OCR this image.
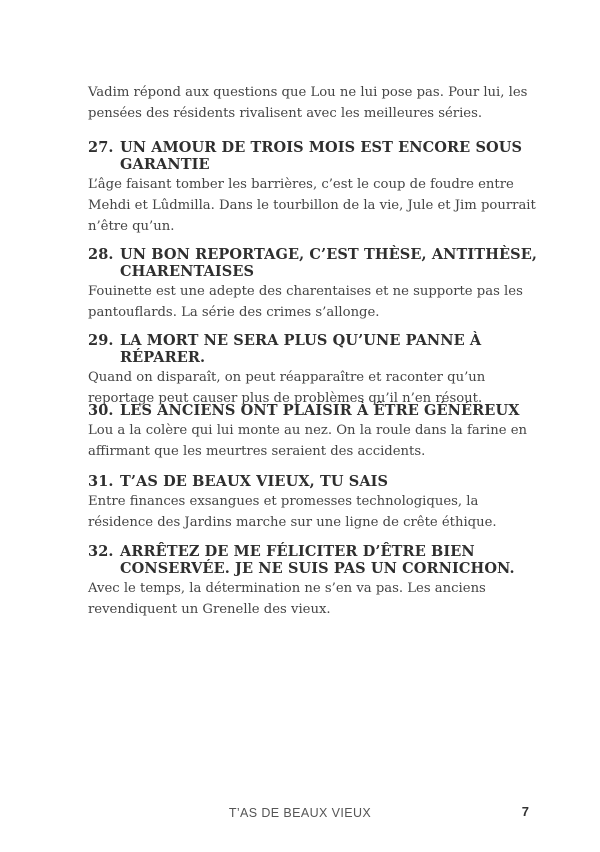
Vadim répond aux questions que Lou ne lui pose pas. Pour lui, les pensées des résidents rivalisent avec les meilleures séries.

27. UN AMOUR DE TROIS MOIS EST ENCORE SOUS GARANTIE
L’âge faisant tomber les barrières, c’est le coup de foudre entre Mehdi et Lûdmilla. Dans le tourbillon de la vie, Jule et Jim pourrait n’être qu’un.
28. UN BON REPORTAGE, C’EST THÈSE, ANTITHÈSE, CHARENTAISES
Fouinette est une adepte des charentaises et ne supporte pas les pantouflards. La série des crimes s’allonge.
29. LA MORT NE SERA PLUS QU’UNE PANNE À RÉPARER.
Quand on disparaît, on peut réapparaître et raconter qu’un reportage peut causer plus de problèmes qu’il n’en résout.
30. LES ANCIENS ONT PLAISIR À ÊTRE GÉNÉREUX
Lou a la colère qui lui monte au nez. On la roule dans la farine en affirmant que les meurtres seraient des accidents.
31. T’AS DE BEAUX VIEUX, TU SAIS
Entre finances exsangues et promesses technologiques, la résidence des Jardins marche sur une ligne de crête éthique.
32. ARRÊTEZ DE ME FÉLICITER D’ÊTRE BIEN CONSERVÉE. JE NE SUIS PAS UN CORNICHON.
Avec le temps, la détermination ne s’en va pas. Les anciens revendiquent un Grenelle des vieux.
T’AS DE BEAUX VIEUX	7
